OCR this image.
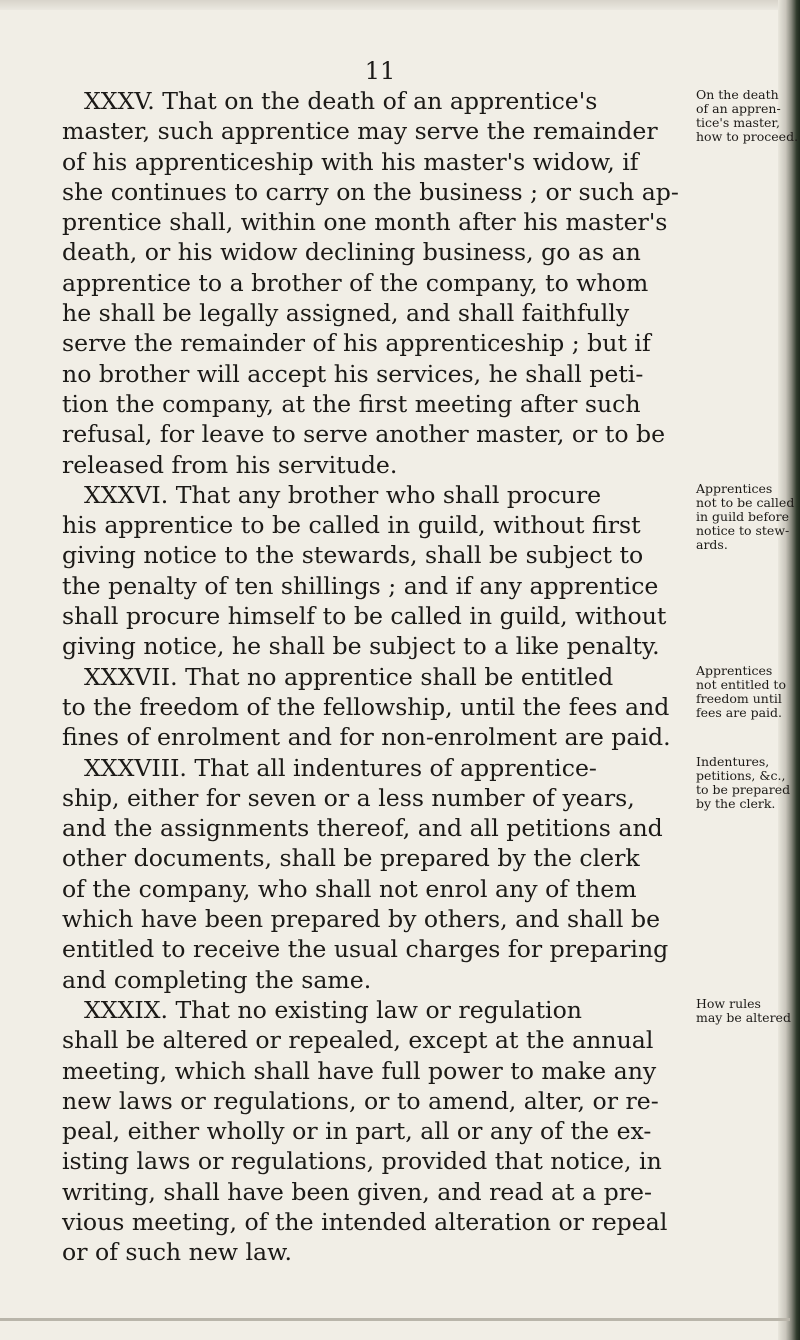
11
XXXV. That on the death of an apprentice's
master, such apprentice may serve the remainder
of his apprenticeship with his master's widow, if
she continues to carry on the business ; or such ap-
prentice shall, within one month after his master's
death, or his widow declining business, go as an
apprentice to a brother of the company, to whom
he shall be legally assigned, and shall faithfully
serve the remainder of his apprenticeship ; but if
no brother will accept his services, he shall peti-
tion the company, at the first meeting after such
refusal, for leave to serve another master, or to be
released from his servitude.
XXXVI. That any brother who shall procure
his apprentice to be called in guild, without first
giving notice to the stewards, shall be subject to
the penalty of ten shillings ; and if any apprentice
shall procure himself to be called in guild, without
giving notice, he shall be subject to a like penalty.
XXXVII. That no apprentice shall be entitled
to the freedom of the fellowship, until the fees and
fines of enrolment and for non-enrolment are paid.
XXXVIII. That all indentures of apprentice-
ship, either for seven or a less number of years,
and the assignments thereof, and all petitions and
other documents, shall be prepared by the clerk
of the company, who shall not enrol any of them
which have been prepared by others, and shall be
entitled to receive the usual charges for preparing
and completing the same.
XXXIX. That no existing law or regulation
shall be altered or repealed, except at the annual
meeting, which shall have full power to make any
new laws or regulations, or to amend, alter, or re-
peal, either wholly or in part, all or any of the ex-
isting laws or regulations, provided that notice, in
writing, shall have been given, and read at a pre-
vious meeting, of the intended alteration or repeal
or of such new law.
On the death
of an appren-
tice's master,
how to proceed.
Apprentices
not to be called
in guild before
notice to stew-
ards.
Apprentices
not entitled to
freedom until
fees are paid.
Indentures,
petitions, &c.,
to be prepared
by the clerk.
How rules
may be altered
